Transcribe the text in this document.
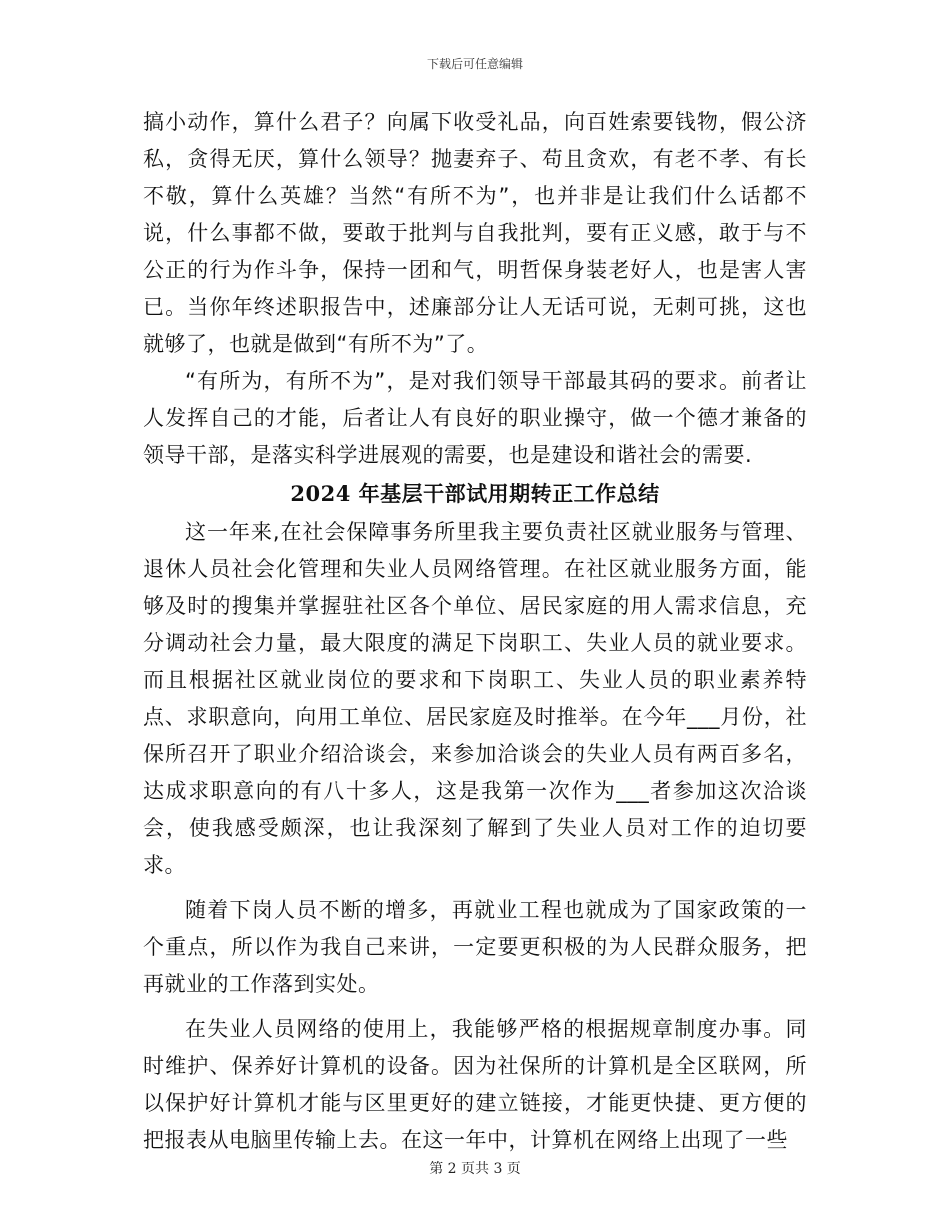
下载后可任意编辑

搞小动作，算什么君子？向属下收受礼品，向百姓索要钱物，假公济私，贪得无厌，算什么领导？抛妻弃子、苟且贪欢，有老不孝、有长不敬，算什么英雄？当然“有所不为”，也并非是让我们什么话都不说，什么事都不做，要敢于批判与自我批判，要有正义感，敢于与不公正的行为作斗争，保持一团和气，明哲保身装老好人，也是害人害已。当你年终述职报告中，述廉部分让人无话可说，无刺可挑，这也就够了，也就是做到“有所不为”了。

“有所为，有所不为”，是对我们领导干部最其码的要求。前者让人发挥自己的才能，后者让人有良好的职业操守，做一个德才兼备的领导干部，是落实科学进展观的需要，也是建设和谐社会的需要.

2024 年基层干部试用期转正工作总结

这一年来,在社会保障事务所里我主要负责社区就业服务与管理、退休人员社会化管理和失业人员网络管理。在社区就业服务方面，能够及时的搜集并掌握驻社区各个单位、居民家庭的用人需求信息，充分调动社会力量，最大限度的满足下岗职工、失业人员的就业要求。而且根据社区就业岗位的要求和下岗职工、失业人员的职业素养特点、求职意向，向用工单位、居民家庭及时推举。在今年___月份，社保所召开了职业介绍洽谈会，来参加洽谈会的失业人员有两百多名，达成求职意向的有八十多人，这是我第一次作为___者参加这次洽谈会，使我感受颇深，也让我深刻了解到了失业人员对工作的迫切要求。

随着下岗人员不断的增多，再就业工程也就成为了国家政策的一个重点，所以作为我自己来讲，一定要更积极的为人民群众服务，把再就业的工作落到实处。

在失业人员网络的使用上，我能够严格的根据规章制度办事。同时维护、保养好计算机的设备。因为社保所的计算机是全区联网，所以保护好计算机才能与区里更好的建立链接，才能更快捷、更方便的把报表从电脑里传输上去。在这一年中，计算机在网络上出现了一些

第 2 页共 3 页
